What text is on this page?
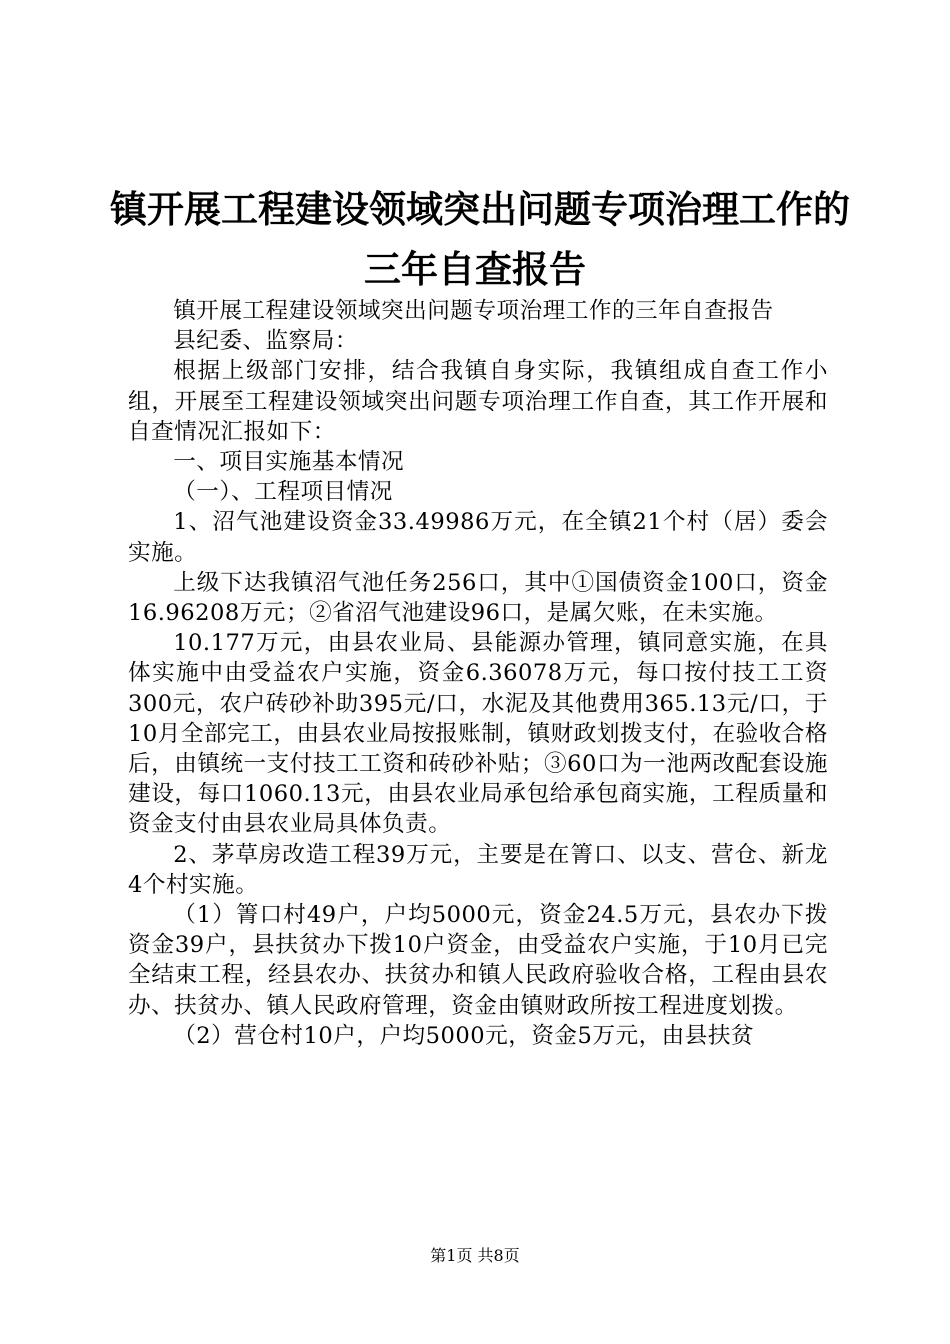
镇开展工程建设领域突出问题专项治理工作的
三年自查报告

镇开展工程建设领域突出问题专项治理工作的三年自查报告

县纪委、监察局：

根据上级部门安排，结合我镇自身实际，我镇组成自查工作小组，开展至工程建设领域突出问题专项治理工作自查，其工作开展和自查情况汇报如下：

一、项目实施基本情况

（一）、工程项目情况

1、沼气池建设资金33.49986万元，在全镇21个村（居）委会实施。

上级下达我镇沼气池任务256口，其中①国债资金100口，资金16.96208万元；②省沼气池建设96口，是属欠账，在未实施。

10.177万元，由县农业局、县能源办管理，镇同意实施，在具体实施中由受益农户实施，资金6.36078万元，每口按付技工工资300元，农户砖砂补助395元/口，水泥及其他费用365.13元/口，于10月全部完工，由县农业局按报账制，镇财政划拨支付，在验收合格后，由镇统一支付技工工资和砖砂补贴；③60口为一池两改配套设施建设，每口1060.13元，由县农业局承包给承包商实施，工程质量和资金支付由县农业局具体负责。

2、茅草房改造工程39万元，主要是在箐口、以支、营仓、新龙4个村实施。

（1）箐口村49户，户均5000元，资金24.5万元，县农办下拨资金39户，县扶贫办下拨10户资金，由受益农户实施，于10月已完全结束工程，经县农办、扶贫办和镇人民政府验收合格，工程由县农办、扶贫办、镇人民政府管理，资金由镇财政所按工程进度划拨。

（2）营仓村10户，户均5000元，资金5万元，由县扶贫

第1页 共8页
